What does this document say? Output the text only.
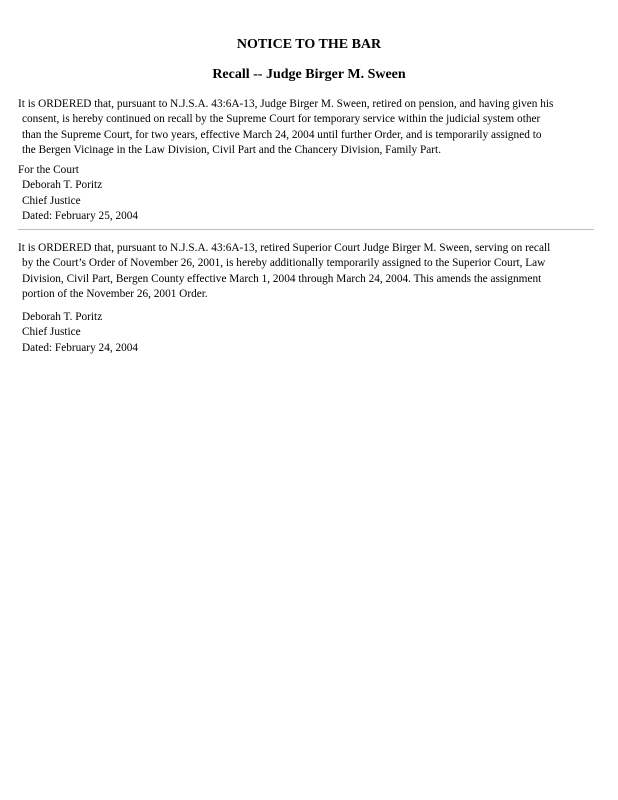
NOTICE TO THE BAR
Recall -- Judge Birger M. Sween
It is ORDERED that, pursuant to N.J.S.A. 43:6A-13, Judge Birger M. Sween, retired on pension, and having given his
consent, is hereby continued on recall by the Supreme Court for temporary service within the judicial system other
than the Supreme Court, for two years, effective March 24, 2004 until further Order, and is temporarily assigned to
the Bergen Vicinage in the Law Division, Civil Part and the Chancery Division, Family Part.
For the Court
Deborah T. Poritz
Chief Justice
Dated: February 25, 2004
It is ORDERED that, pursuant to N.J.S.A. 43:6A-13, retired Superior Court Judge Birger M. Sween, serving on recall
by the Court’s Order of November 26, 2001, is hereby additionally temporarily assigned to the Superior Court, Law
Division, Civil Part, Bergen County effective March 1, 2004 through March 24, 2004. This amends the assignment
portion of the November 26, 2001 Order.
Deborah T. Poritz
Chief Justice
Dated: February 24, 2004
